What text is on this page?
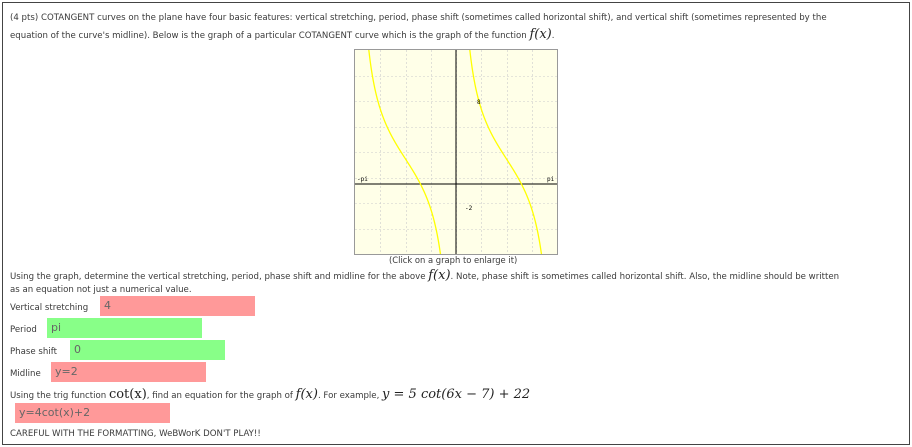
(4 pts) COTANGENT curves on the plane have four basic features: vertical stretching, period, phase shift (sometimes called horizontal shift), and vertical shift (sometimes represented by the
equation of the curve's midline). Below is the graph of a particular COTANGENT curve which is the graph of the function f(x).
-pi	pi
8
-2
(Click on a graph to enlarge it)
Using the graph, determine the vertical stretching, period, phase shift and midline for the above f(x). Note, phase shift is sometimes called horizontal shift. Also, the midline should be written
as an equation not just a numerical value.
Vertical stretching	4
Period	pi
Phase shift	0
Midline	y=2
Using the trig function cot(x), find an equation for the graph of f(x). For example, y = 5 cot(6x − 7) + 22
y=4cot(x)+2
CAREFUL WITH THE FORMATTING, WeBWorK DON'T PLAY!!
